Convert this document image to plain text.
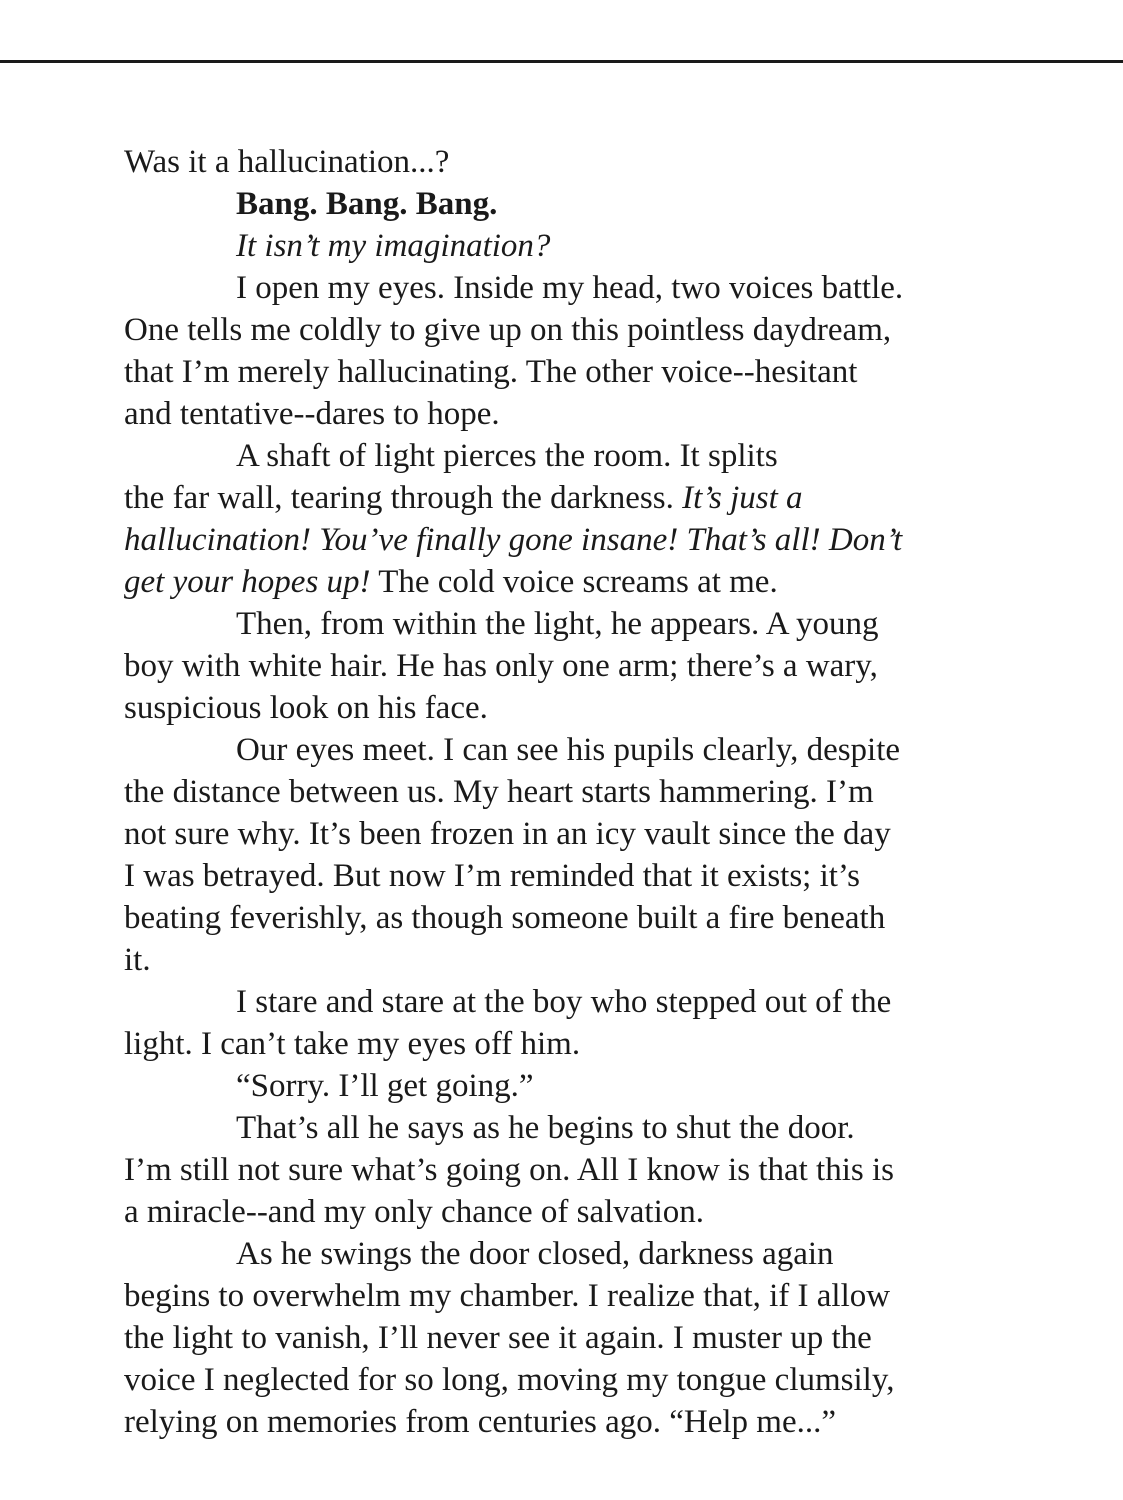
Was it a hallucination...?
Bang. Bang. Bang.
It isn’t my imagination?
I open my eyes. Inside my head, two voices battle.
One tells me coldly to give up on this pointless daydream,
that I’m merely hallucinating. The other voice--hesitant
and tentative--dares to hope.
A shaft of light pierces the room. It splits
the far wall, tearing through the darkness. It’s just a
hallucination! You’ve finally gone insane! That’s all! Don’t
get your hopes up! The cold voice screams at me.
Then, from within the light, he appears. A young
boy with white hair. He has only one arm; there’s a wary,
suspicious look on his face.
Our eyes meet. I can see his pupils clearly, despite
the distance between us. My heart starts hammering. I’m
not sure why. It’s been frozen in an icy vault since the day
I was betrayed. But now I’m reminded that it exists; it’s
beating feverishly, as though someone built a fire beneath
it.
I stare and stare at the boy who stepped out of the
light. I can’t take my eyes off him.
“Sorry. I’ll get going.”
That’s all he says as he begins to shut the door.
I’m still not sure what’s going on. All I know is that this is
a miracle--and my only chance of salvation.
As he swings the door closed, darkness again
begins to overwhelm my chamber. I realize that, if I allow
the light to vanish, I’ll never see it again. I muster up the
voice I neglected for so long, moving my tongue clumsily,
relying on memories from centuries ago. “Help me...”
